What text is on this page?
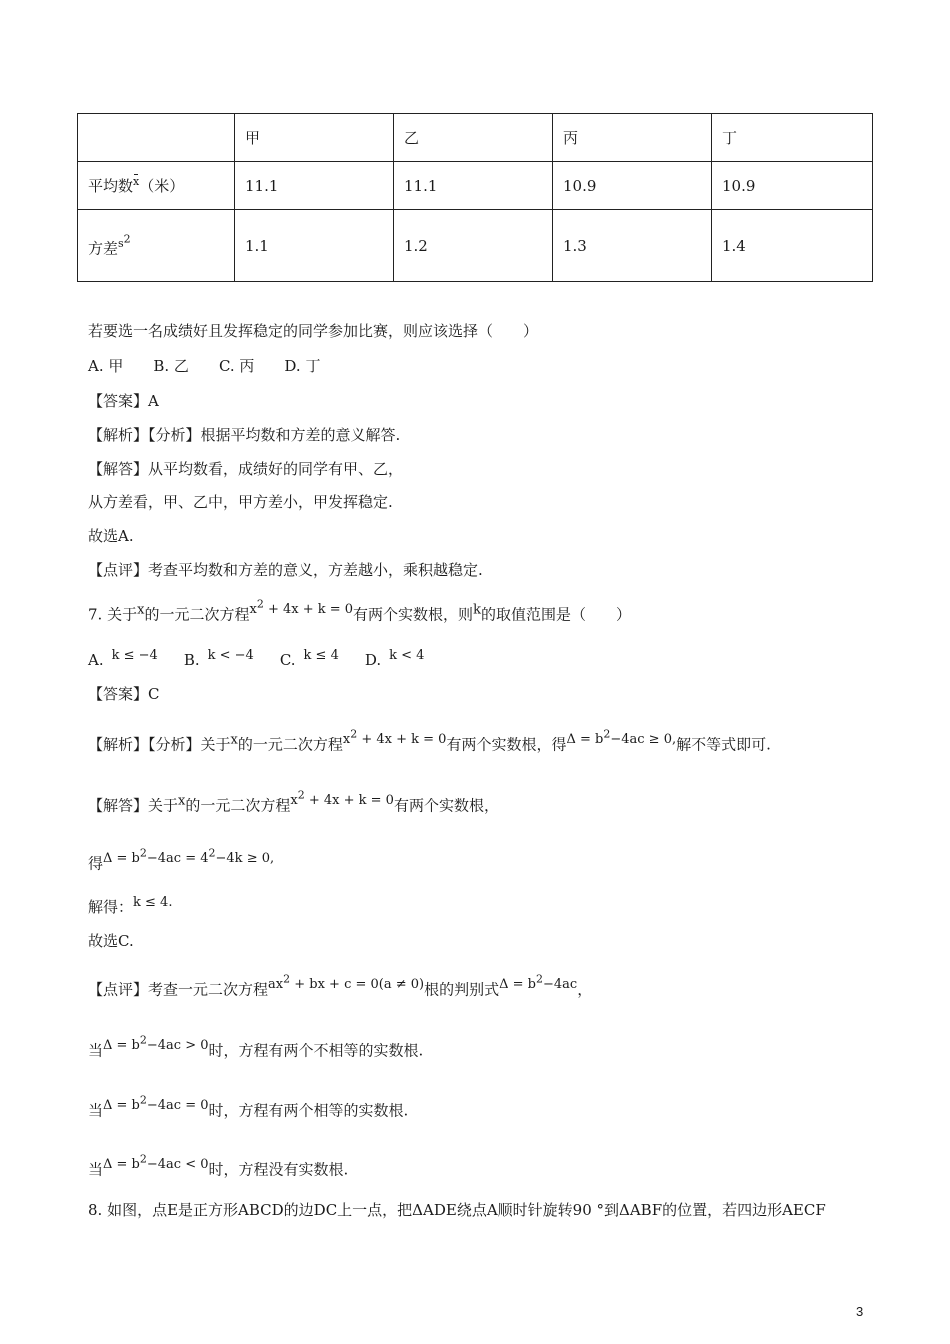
	甲	乙	丙	丁
平均数$^x$（米）	11.1	11.1	10.9	10.9
方差$^{s^2}$	1.1	1.2	1.3	1.4
若要选一名成绩好且发挥稳定的同学参加比赛，则应该选择（　　）
A. 甲 B. 乙 C. 丙 D. 丁
【答案】A
【解析】【分析】根据平均数和方差的意义解答.
【解答】从平均数看，成绩好的同学有甲、乙，
从方差看，甲、乙中，甲方差小，甲发挥稳定.
故选A.
【点评】考查平均数和方差的意义，方差越小，乘积越稳定.
7. 关于$^x$的一元二次方程$^{x^2 + 4x + k = 0}$有两个实数根，则$^k$的取值范围是（　　）
A. $^{k \le -4}$ B. $^{k < -4}$ C. $^{k \le 4}$ D. $^{k < 4}$
【答案】C
【解析】【分析】关于$^x$的一元二次方程$^{x^2 + 4x + k = 0}$有两个实数根，得$^{\Delta = b^2-4ac \ge 0,}$解不等式即可.
【解答】关于$^x$的一元二次方程$^{x^2 + 4x + k = 0}$有两个实数根，
得$^{\Delta = b^2-4ac = 4^2-4k \ge 0,}$
解得：$^{k \le 4.}$
故选C.
【点评】考查一元二次方程$^{ax^2 + bx + c = 0(a \ne 0)}$根的判别式$^{\Delta = b^2-4ac}$，
当$^{\Delta = b^2-4ac > 0}$时，方程有两个不相等的实数根.
当$^{\Delta = b^2-4ac = 0}$时，方程有两个相等的实数根.
当$^{\Delta = b^2-4ac < 0}$时，方程没有实数根.
8. 如图，点E是正方形ABCD的边DC上一点，把ΔADE绕点A顺时针旋转90 °到ΔABF的位置，若四边形AECF
3
